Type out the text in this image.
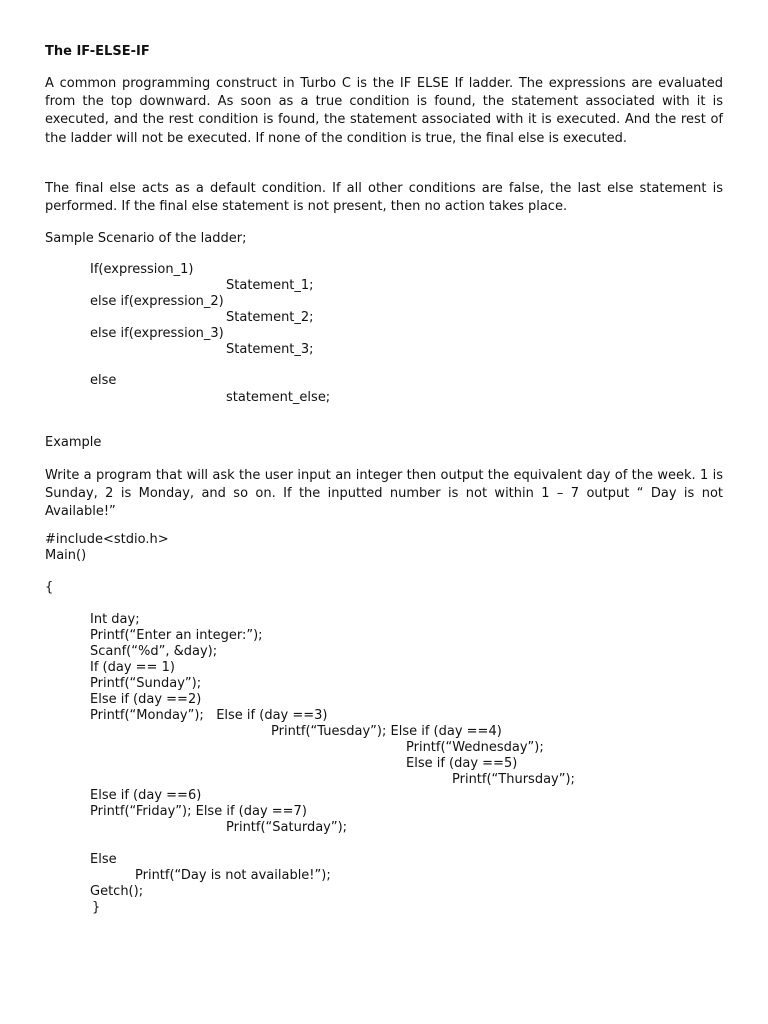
The IF-ELSE-IF

A common programming construct in Turbo C is the IF ELSE If ladder. The expressions are evaluated from the top downward. As soon as a true condition is found, the statement associated with it is executed, and the rest condition is found, the statement associated with it is executed. And the rest of the ladder will not be executed. If none of the condition is true, the final else is executed.

The final else acts as a default condition. If all other conditions are false, the last else statement is performed. If the final else statement is not present, then no action takes place.

Sample Scenario of the ladder;

If(expression_1)
Statement_1;
else if(expression_2)
Statement_2;
else if(expression_3)
Statement_3;
else
statement_else;

Example

Write a program that will ask the user input an integer then output the equivalent day of the week. 1 is Sunday, 2 is Monday, and so on. If the inputted number is not within 1 – 7 output “ Day is not Available!”

#include<stdio.h>
Main()
{
Int day;
Printf(“Enter an integer:”);
Scanf(“%d”, &day);
If (day == 1)
Printf(“Sunday”);
Else if (day ==2)
Printf(“Monday”);   Else if (day ==3)
Printf(“Tuesday”); Else if (day ==4)
Printf(“Wednesday”);
Else if (day ==5)
Printf(“Thursday”);
Else if (day ==6)
Printf(“Friday”); Else if (day ==7)
Printf(“Saturday”);
Else
Printf(“Day is not available!”);
Getch();
}
